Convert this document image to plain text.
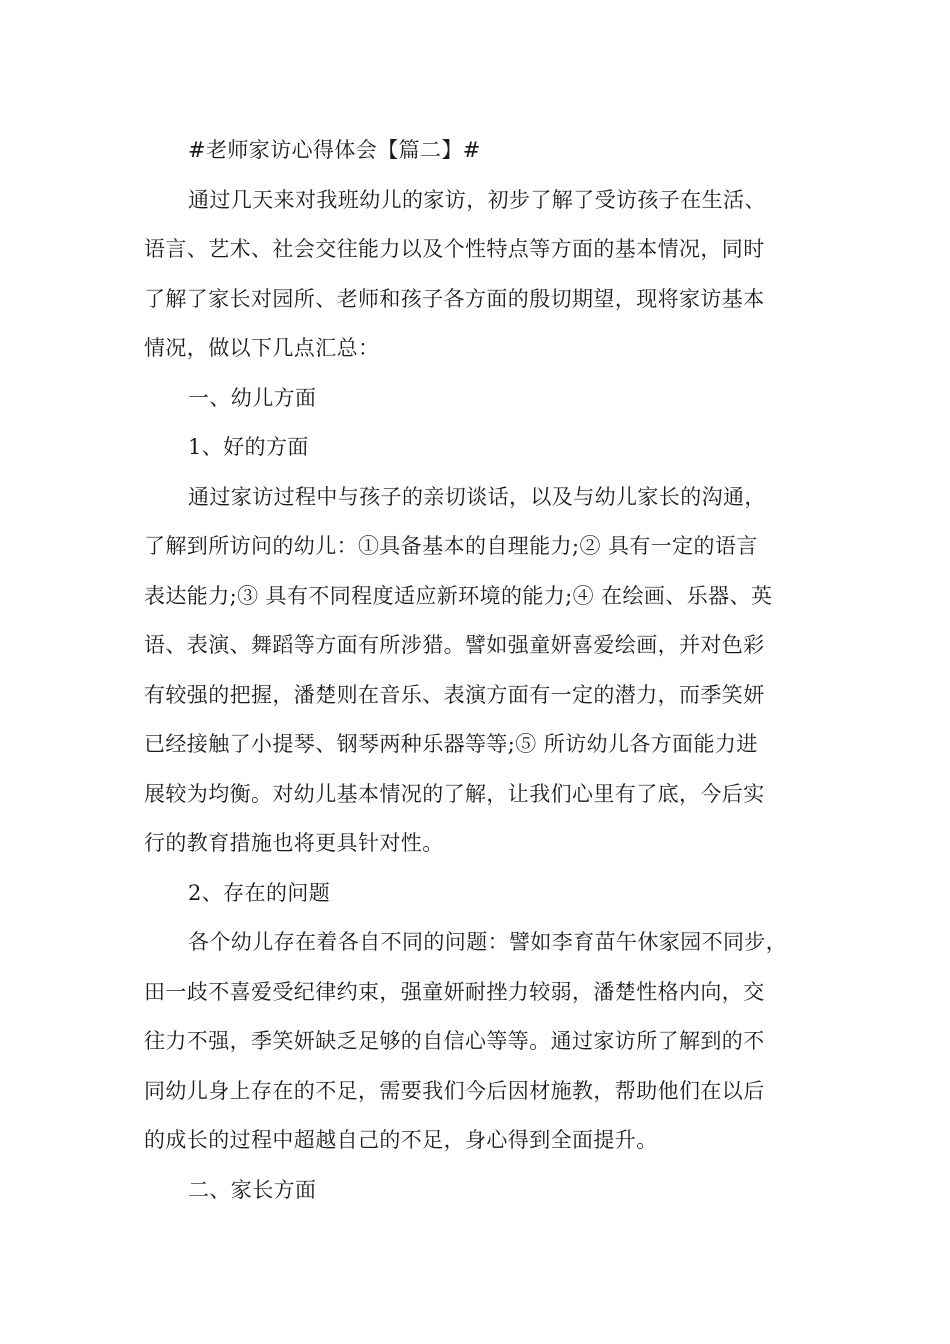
#老师家访心得体会【篇二】#
通过几天来对我班幼儿的家访，初步了解了受访孩子在生活、
语言、艺术、社会交往能力以及个性特点等方面的基本情况，同时
了解了家长对园所、老师和孩子各方面的殷切期望，现将家访基本
情况，做以下几点汇总：
一、幼儿方面
1、好的方面
通过家访过程中与孩子的亲切谈话，以及与幼儿家长的沟通，
了解到所访问的幼儿：①具备基本的自理能力;② 具有一定的语言
表达能力;③ 具有不同程度适应新环境的能力;④ 在绘画、乐器、英
语、表演、舞蹈等方面有所涉猎。譬如强童妍喜爱绘画，并对色彩
有较强的把握，潘楚则在音乐、表演方面有一定的潜力，而季笑妍
已经接触了小提琴、钢琴两种乐器等等;⑤ 所访幼儿各方面能力进
展较为均衡。对幼儿基本情况的了解，让我们心里有了底，今后实
行的教育措施也将更具针对性。
2、存在的问题
各个幼儿存在着各自不同的问题：譬如李育苗午休家园不同步，
田一歧不喜爱受纪律约束，强童妍耐挫力较弱，潘楚性格内向，交
往力不强，季笑妍缺乏足够的自信心等等。通过家访所了解到的不
同幼儿身上存在的不足，需要我们今后因材施教，帮助他们在以后
的成长的过程中超越自己的不足，身心得到全面提升。
二、家长方面
